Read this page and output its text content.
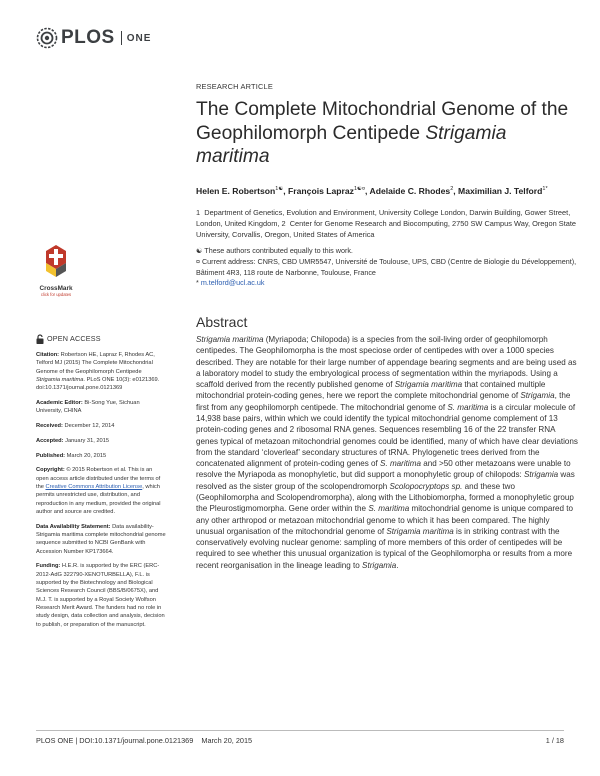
PLOS ONE
RESEARCH ARTICLE
The Complete Mitochondrial Genome of the Geophilomorph Centipede Strigamia maritima
Helen E. Robertson$^{1☯}$, François Lapraz$^{1☯¤}$, Adelaide C. Rhodes$^2$, Maximilian J. Telford$^{1*}$
1 Department of Genetics, Evolution and Environment, University College London, Darwin Building, Gower Street, London, United Kingdom, 2 Center for Genome Research and Biocomputing, 2750 SW Campus Way, Oregon State University, Corvallis, Oregon, United States of America
☯ These authors contributed equally to this work.
¤ Current address: CNRS, CBD UMR5547, Université de Toulouse, UPS, CBD (Centre de Biologie du Développement), Bâtiment 4R3, 118 route de Narbonne, Toulouse, France
* m.telford@ucl.ac.uk
CrossMark
click for updates
OPEN ACCESS

Citation: Robertson HE, Lapraz F, Rhodes AC, Telford MJ (2015) The Complete Mitochondrial Genome of the Geophilomorph Centipede Strigamia maritima. PLoS ONE 10(3): e0121369. doi:10.1371/journal.pone.0121369

Academic Editor: Bi-Song Yue, Sichuan University, CHINA

Received: December 12, 2014

Accepted: January 31, 2015

Published: March 20, 2015

Copyright: © 2015 Robertson et al. This is an open access article distributed under the terms of the Creative Commons Attribution License, which permits unrestricted use, distribution, and reproduction in any medium, provided the original author and source are credited.

Data Availability Statement: Data availability- Strigamia maritima complete mitochondrial genome sequence submitted to NCBI GenBank with Accession Number KP173664.

Funding: H.E.R. is supported by the ERC (ERC-2012-AdG 322790-XENOTURBELLA), F.L. is supported by the Biotechnology and Biological Sciences Research Council (BBS/B/0675X), and M.J. T. is supported by a Royal Society Wolfson Research Merit Award. The funders had no role in study design, data collection and analysis, decision to publish, or preparation of the manuscript.

Abstract
Strigamia maritima (Myriapoda; Chilopoda) is a species from the soil-living order of geophilomorph centipedes. The Geophilomorpha is the most speciose order of centipedes with over a 1000 species described. They are notable for their large number of appendage bearing segments and are being used as a laboratory model to study the embryological process of segmentation within the myriapods. Using a scaffold derived from the recently published genome of Strigamia maritima that contained multiple mitochondrial protein-coding genes, here we report the complete mitochondrial genome of Strigamia, the first from any geophilomorph centipede. The mitochondrial genome of S. maritima is a circular molecule of 14,938 base pairs, within which we could identify the typical mitochondrial genome complement of 13 protein-coding genes and 2 ribosomal RNA genes. Sequences resembling 16 of the 22 transfer RNA genes typical of metazoan mitochondrial genomes could be identified, many of which have clear deviations from the standard ‘cloverleaf’ secondary structures of tRNA. Phylogenetic trees derived from the concatenated alignment of protein-coding genes of S. maritima and >50 other metazoans were unable to resolve the Myriapoda as monophyletic, but did support a monophyletic group of chilopods: Strigamia was resolved as the sister group of the scolopendromorph Scolopocryptops sp. and these two (Geophilomorpha and Scolopendromorpha), along with the Lithobiomorpha, formed a monophyletic group the Pleurostigmomorpha. Gene order within the S. maritima mitochondrial genome is unique compared to any other arthropod or metazoan mitochondrial genome to which it has been compared. The highly unusual organisation of the mitochondrial genome of Strigamia maritima is in striking contrast with the conservatively evolving nuclear genome: sampling of more members of this order of centipedes will be required to see whether this unusual organization is typical of the Geophilomorpha or results from a more recent reorganisation in the lineage leading to Strigamia.
PLOS ONE | DOI:10.1371/journal.pone.0121369    March 20, 2015	1 / 18
